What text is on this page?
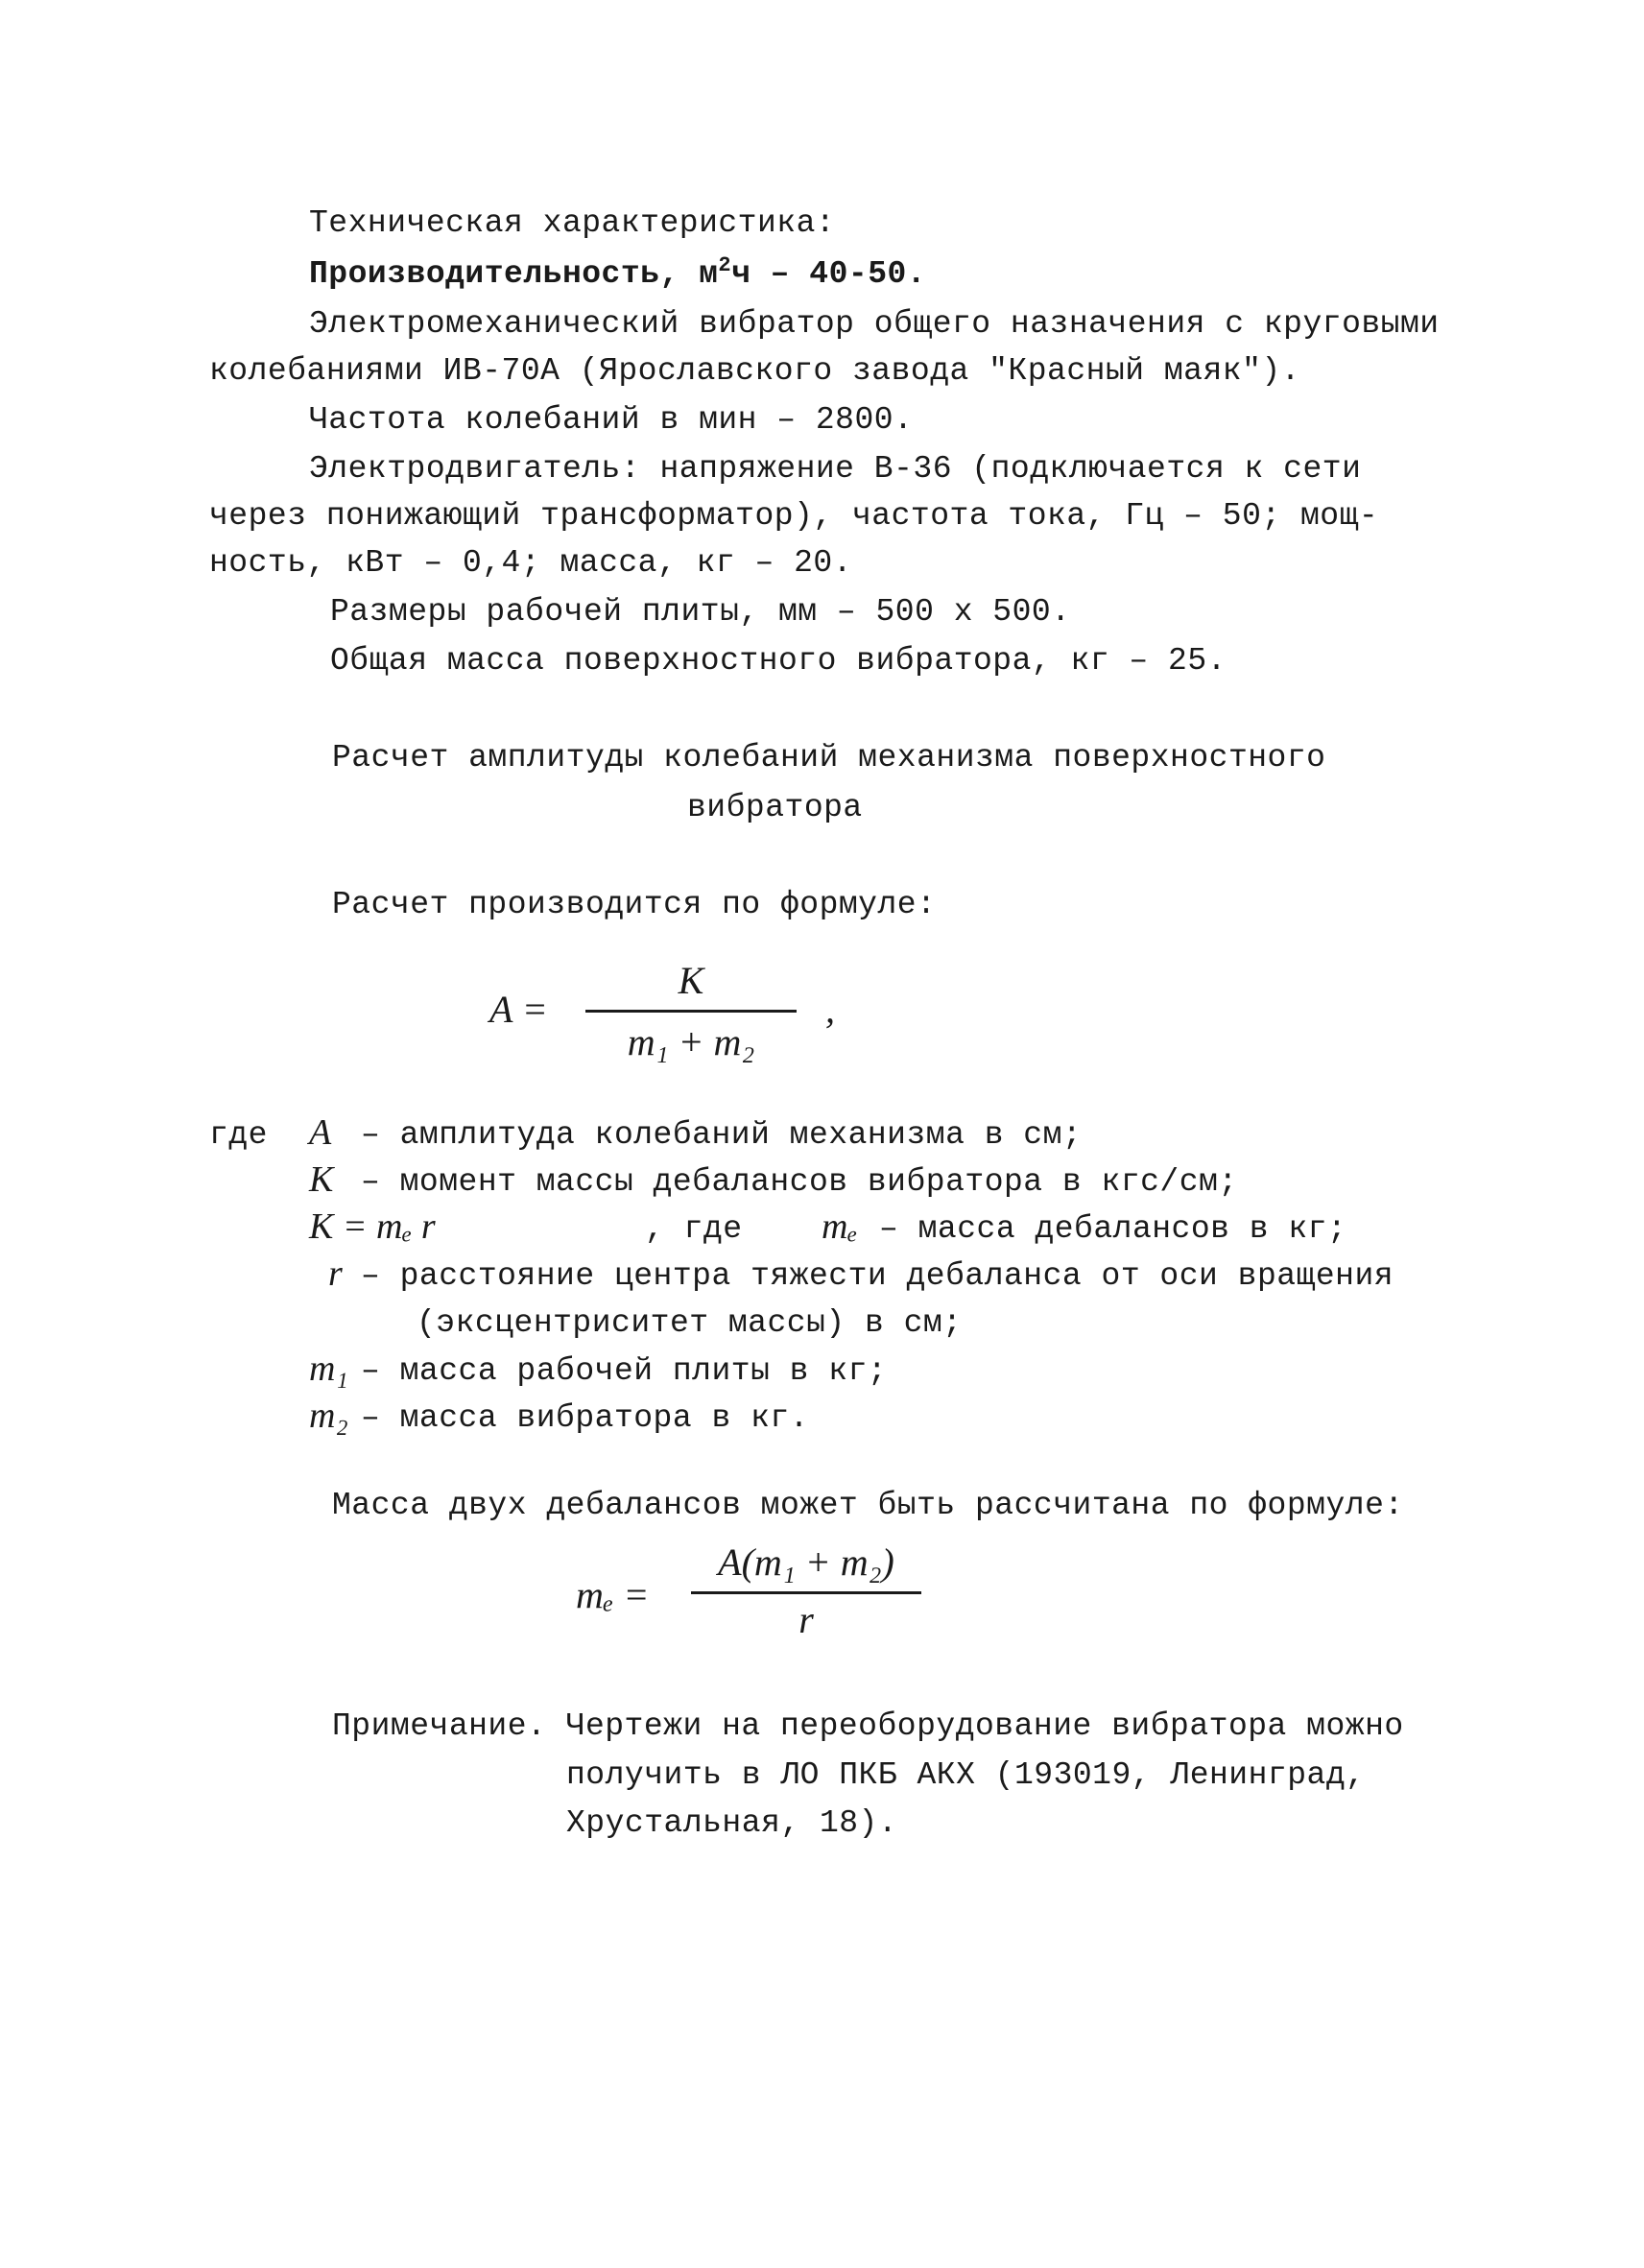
Техническая характеристика:
Производительность, $м^2ч - 40-50$.
Электромеханический вибратор общего назначения с круговыми
колебаниями ИВ-70А (Ярославского завода "Красный маяк").
Частота колебаний в мин – 2800.
Электродвигатель: напряжение В-36 (подключается к сети
через понижающий трансформатор), частота тока, Гц – 50; мощ-
ность, кВт – 0,4; масса, кг – 20.
Размеры рабочей плиты, мм – 500 х 500.
Общая масса поверхностного вибратора, кг – 25.
Расчет амплитуды колебаний механизма поверхностного
вибратора
Расчет производится по формуле:
A =
K
m₁ + m₂
,
где A – амплитуда колебаний механизма в см;
K – момент массы дебалансов вибратора в кгс/см;
K = mₑ r	, где mₑ – масса дебалансов в кг;
r – расстояние центра тяжести дебаланса от оси вращения
(эксцентриситет массы) в см;
m₁ – масса рабочей плиты в кг;
m₂ – масса вибратора в кг.
Масса двух дебалансов может быть рассчитана по формуле:
mₑ =
A(m₁ + m₂)
r
Примечание. Чертежи на переоборудование вибратора можно
получить в ЛО ПКБ АКХ (193019, Ленинград,
Хрустальная, 18).
